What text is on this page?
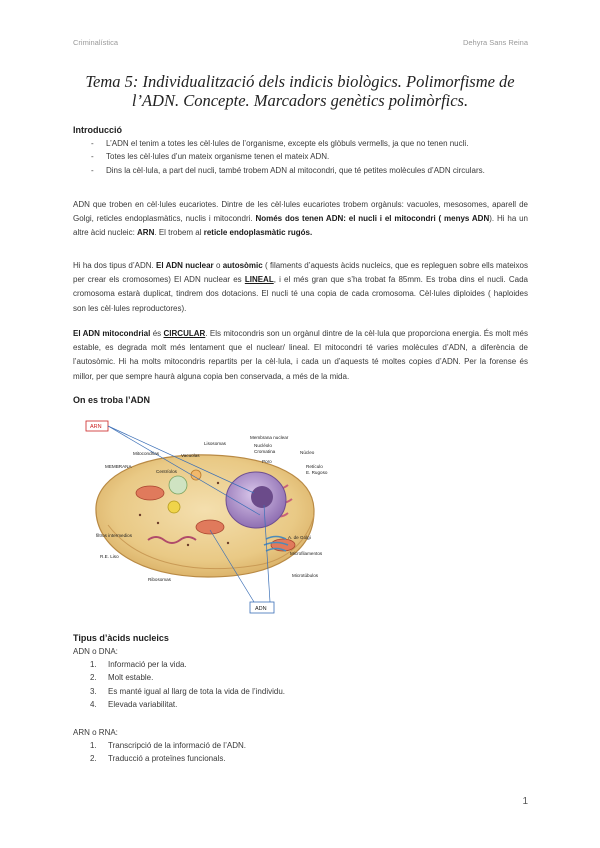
Criminalística	Dehyra Sans Reina
Tema 5: Individualització dels indicis biològics. Polimorfisme de l’ADN. Concepte. Marcadors genètics polimòrfics.
Introducció
- L’ADN el tenim a totes les cèl·lules de l’organisme, excepte els glòbuls vermells, ja que no tenen nucli.
- Totes les cèl·lules d’un mateix organisme tenen el mateix ADN.
- Dins la cèl·lula, a part del nucli, també trobem ADN al mitocondri, que té petites molècules d’ADN circulars.
ADN que troben en cèl·lules eucariotes. Dintre de les cèl·lules eucariotes trobem orgànuls: vacuoles, mesosomes, aparell de Golgi, reticles endoplasmàtics, nuclis i mitocondri. Només dos tenen ADN: el nucli i el mitocondri ( menys ADN). Hi ha un altre àcid nucleic: ARN. El trobem al reticle endoplasmàtic rugós.
Hi ha dos tipus d’ADN. El ADN nuclear o autosòmic ( filaments d’aquests àcids nucleics, que es repleguen sobre ells mateixos per crear els cromosomes) El ADN nuclear es LINEAL, i el més gran que s’ha trobat fa 85mm. Es troba dins el nucli. Cada cromosoma estarà duplicat, tindrem dos dotacions. El nucli té una copia de cada cromosoma. Cèl·lules diploides ( haploides son les cèl·lules reproductores).
El ADN mitocondrial és CIRCULAR. Els mitocondris son un orgànul dintre de la cèl·lula que proporciona energia. És molt més estable, es degrada molt més lentament que el nuclear/ lineal. El mitocondri té varies molècules d’ADN, a diferència de l’autosòmic. Hi ha molts mitocondris repartits per la cèl·lula, i cada un d’aquests té moltes copies d’ADN. Per la forense és millor, per que sempre haurà alguna copia ben conservada, a més de la mida.
On es troba l’ADN
ARN
ADN
Mitocondrias
MEMBRANA
Vacuolas
Centríolos
Lisosomas
Membrana nuclear
Nucléolo
Cromatina
Poro
Núcleo
Retículo
E. Rugoso
filtros intermedios
R.E. Liso
Ribosomas
A. de Golgi
Microfilamentos
Microtúbulos
Tipus d’àcids nucleics
ADN o DNA:
1. Informació per la vida.
2. Molt estable.
3. Es manté igual al llarg de tota la vida de l’individu.
4. Elevada variabilitat.
ARN o RNA:
1. Transcripció de la informació de l’ADN.
2. Traducció a proteïnes funcionals.
1
